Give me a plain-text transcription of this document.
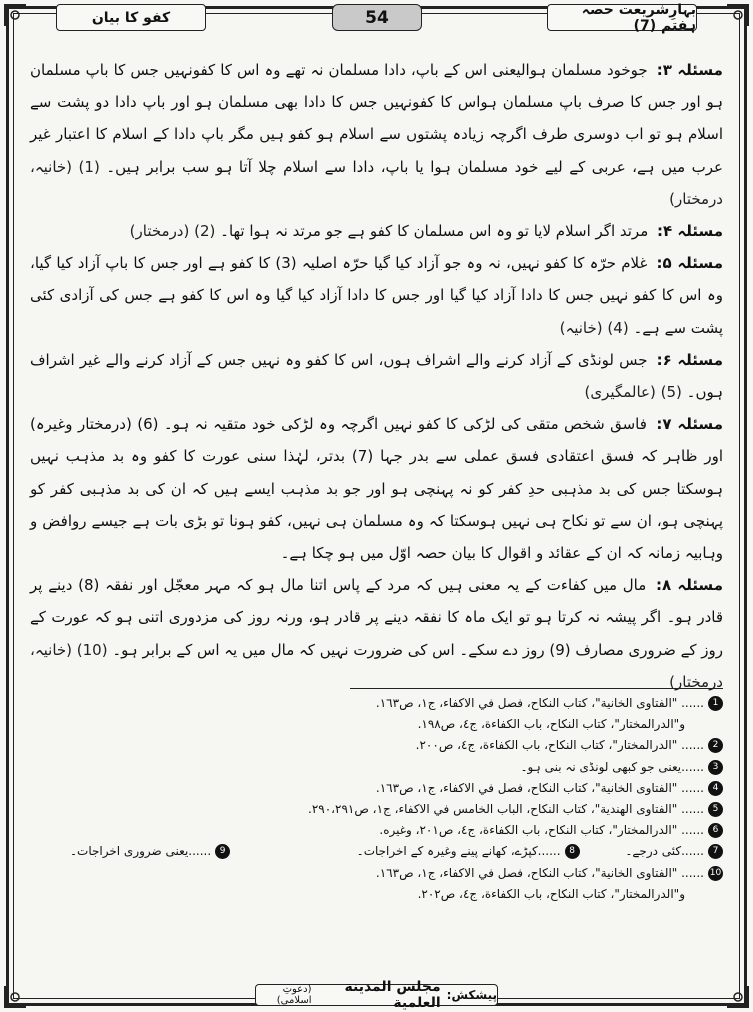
بہارِشریعت حصہ ہفتم (7)
54
کفو کا بیان

مسئلہ ۳: جوخود مسلمان ہوالیعنی اس کے باپ، دادا مسلمان نہ تھے وہ اس کا کفونہیں جس کا باپ مسلمان ہو اور جس کا صرف باپ مسلمان ہواس کا کفونہیں جس کا دادا بھی مسلمان ہو اور باپ دادا دو پشت سے اسلام ہو تو اب دوسری طرف اگرچہ زیادہ پشتوں سے اسلام ہو کفو ہیں مگر باپ دادا کے اسلام کا اعتبار غیر عرب میں ہے، عربی کے لیے خود مسلمان ہوا یا باپ، دادا سے اسلام چلا آتا ہو سب برابر ہیں۔ (1) (خانیہ، درمختار)

مسئلہ ۴: مرتد اگر اسلام لایا تو وہ اس مسلمان کا کفو ہے جو مرتد نہ ہوا تھا۔ (2) (درمختار)

مسئلہ ۵: غلام حرّہ کا کفو نہیں، نہ وہ جو آزاد کیا گیا حرّہ اصلیہ (3) کا کفو ہے اور جس کا باپ آزاد کیا گیا، وہ اس کا کفو نہیں جس کا دادا آزاد کیا گیا اور جس کا دادا آزاد کیا گیا وہ اس کا کفو ہے جس کی آزادی کئی پشت سے ہے۔ (4) (خانیہ)

مسئلہ ۶: جس لونڈی کے آزاد کرنے والے اشراف ہوں، اس کا کفو وہ نہیں جس کے آزاد کرنے والے غیر اشراف ہوں۔ (5) (عالمگیری)

مسئلہ ۷: فاسق شخص متقی کی لڑکی کا کفو نہیں اگرچہ وہ لڑکی خود متقیہ نہ ہو۔ (6) (درمختار وغیرہ) اور ظاہر کہ فسق اعتقادی فسق عملی سے بدر جہا (7) بدتر، لہٰذا سنی عورت کا کفو وہ بد مذہب نہیں ہوسکتا جس کی بد مذہبی حدِ کفر کو نہ پہنچی ہو اور جو بد مذہب ایسے ہیں کہ ان کی بد مذہبی کفر کو پہنچی ہو، ان سے تو نکاح ہی نہیں ہوسکتا کہ وہ مسلمان ہی نہیں، کفو ہونا تو بڑی بات ہے جیسے روافض و وہابیہ زمانہ کہ ان کے عقائد و اقوال کا بیان حصہ اوّل میں ہو چکا ہے۔

مسئلہ ۸: مال میں کفاءت کے یہ معنی ہیں کہ مرد کے پاس اتنا مال ہو کہ مہر معجّل اور نفقہ (8) دینے پر قادر ہو۔ اگر پیشہ نہ کرتا ہو تو ایک ماہ کا نفقہ دینے پر قادر ہو، ورنہ روز کی مزدوری اتنی ہو کہ عورت کے روز کے ضروری مصارف (9) روز دے سکے۔ اس کی ضرورت نہیں کہ مال میں یہ اس کے برابر ہو۔ (10) (خانیہ، درمختار)

1...... "الفتاوى الخانية"، كتاب النكاح، فصل في الاكفاء، ج١، ص١٦٣.
و"الدرالمختار"، كتاب النكاح، باب الكفاءة، ج٤، ص١٩٨.
2...... "الدرالمختار"، كتاب النكاح، باب الكفاءة، ج٤، ص٢٠٠.
3......یعنی جو کبھی لونڈی نہ بنی ہو۔
4...... "الفتاوى الخانية"، كتاب النكاح، فصل في الاكفاء، ج١، ص١٦٣.
5...... "الفتاوى الهندية"، كتاب النكاح، الباب الخامس في الاكفاء، ج١، ص٢٩٠،٢٩١.
6...... "الدرالمختار"، كتاب النكاح، باب الكفاءة، ج٤، ص٢٠١، وغيره.
7......کئی درجے۔            8......کپڑے، کھانے پینے وغیرہ کے اخراجات۔
9......یعنی ضروری اخراجات۔
10...... "الفتاوى الخانية"، كتاب النكاح، فصل في الاكفاء، ج١، ص١٦٣.
و"الدرالمختار"، كتاب النكاح، باب الكفاءة، ج٤، ص٢٠٢.
پیشکش:
مجلس المدينة العلمية
(دعوتِ اسلامی)
